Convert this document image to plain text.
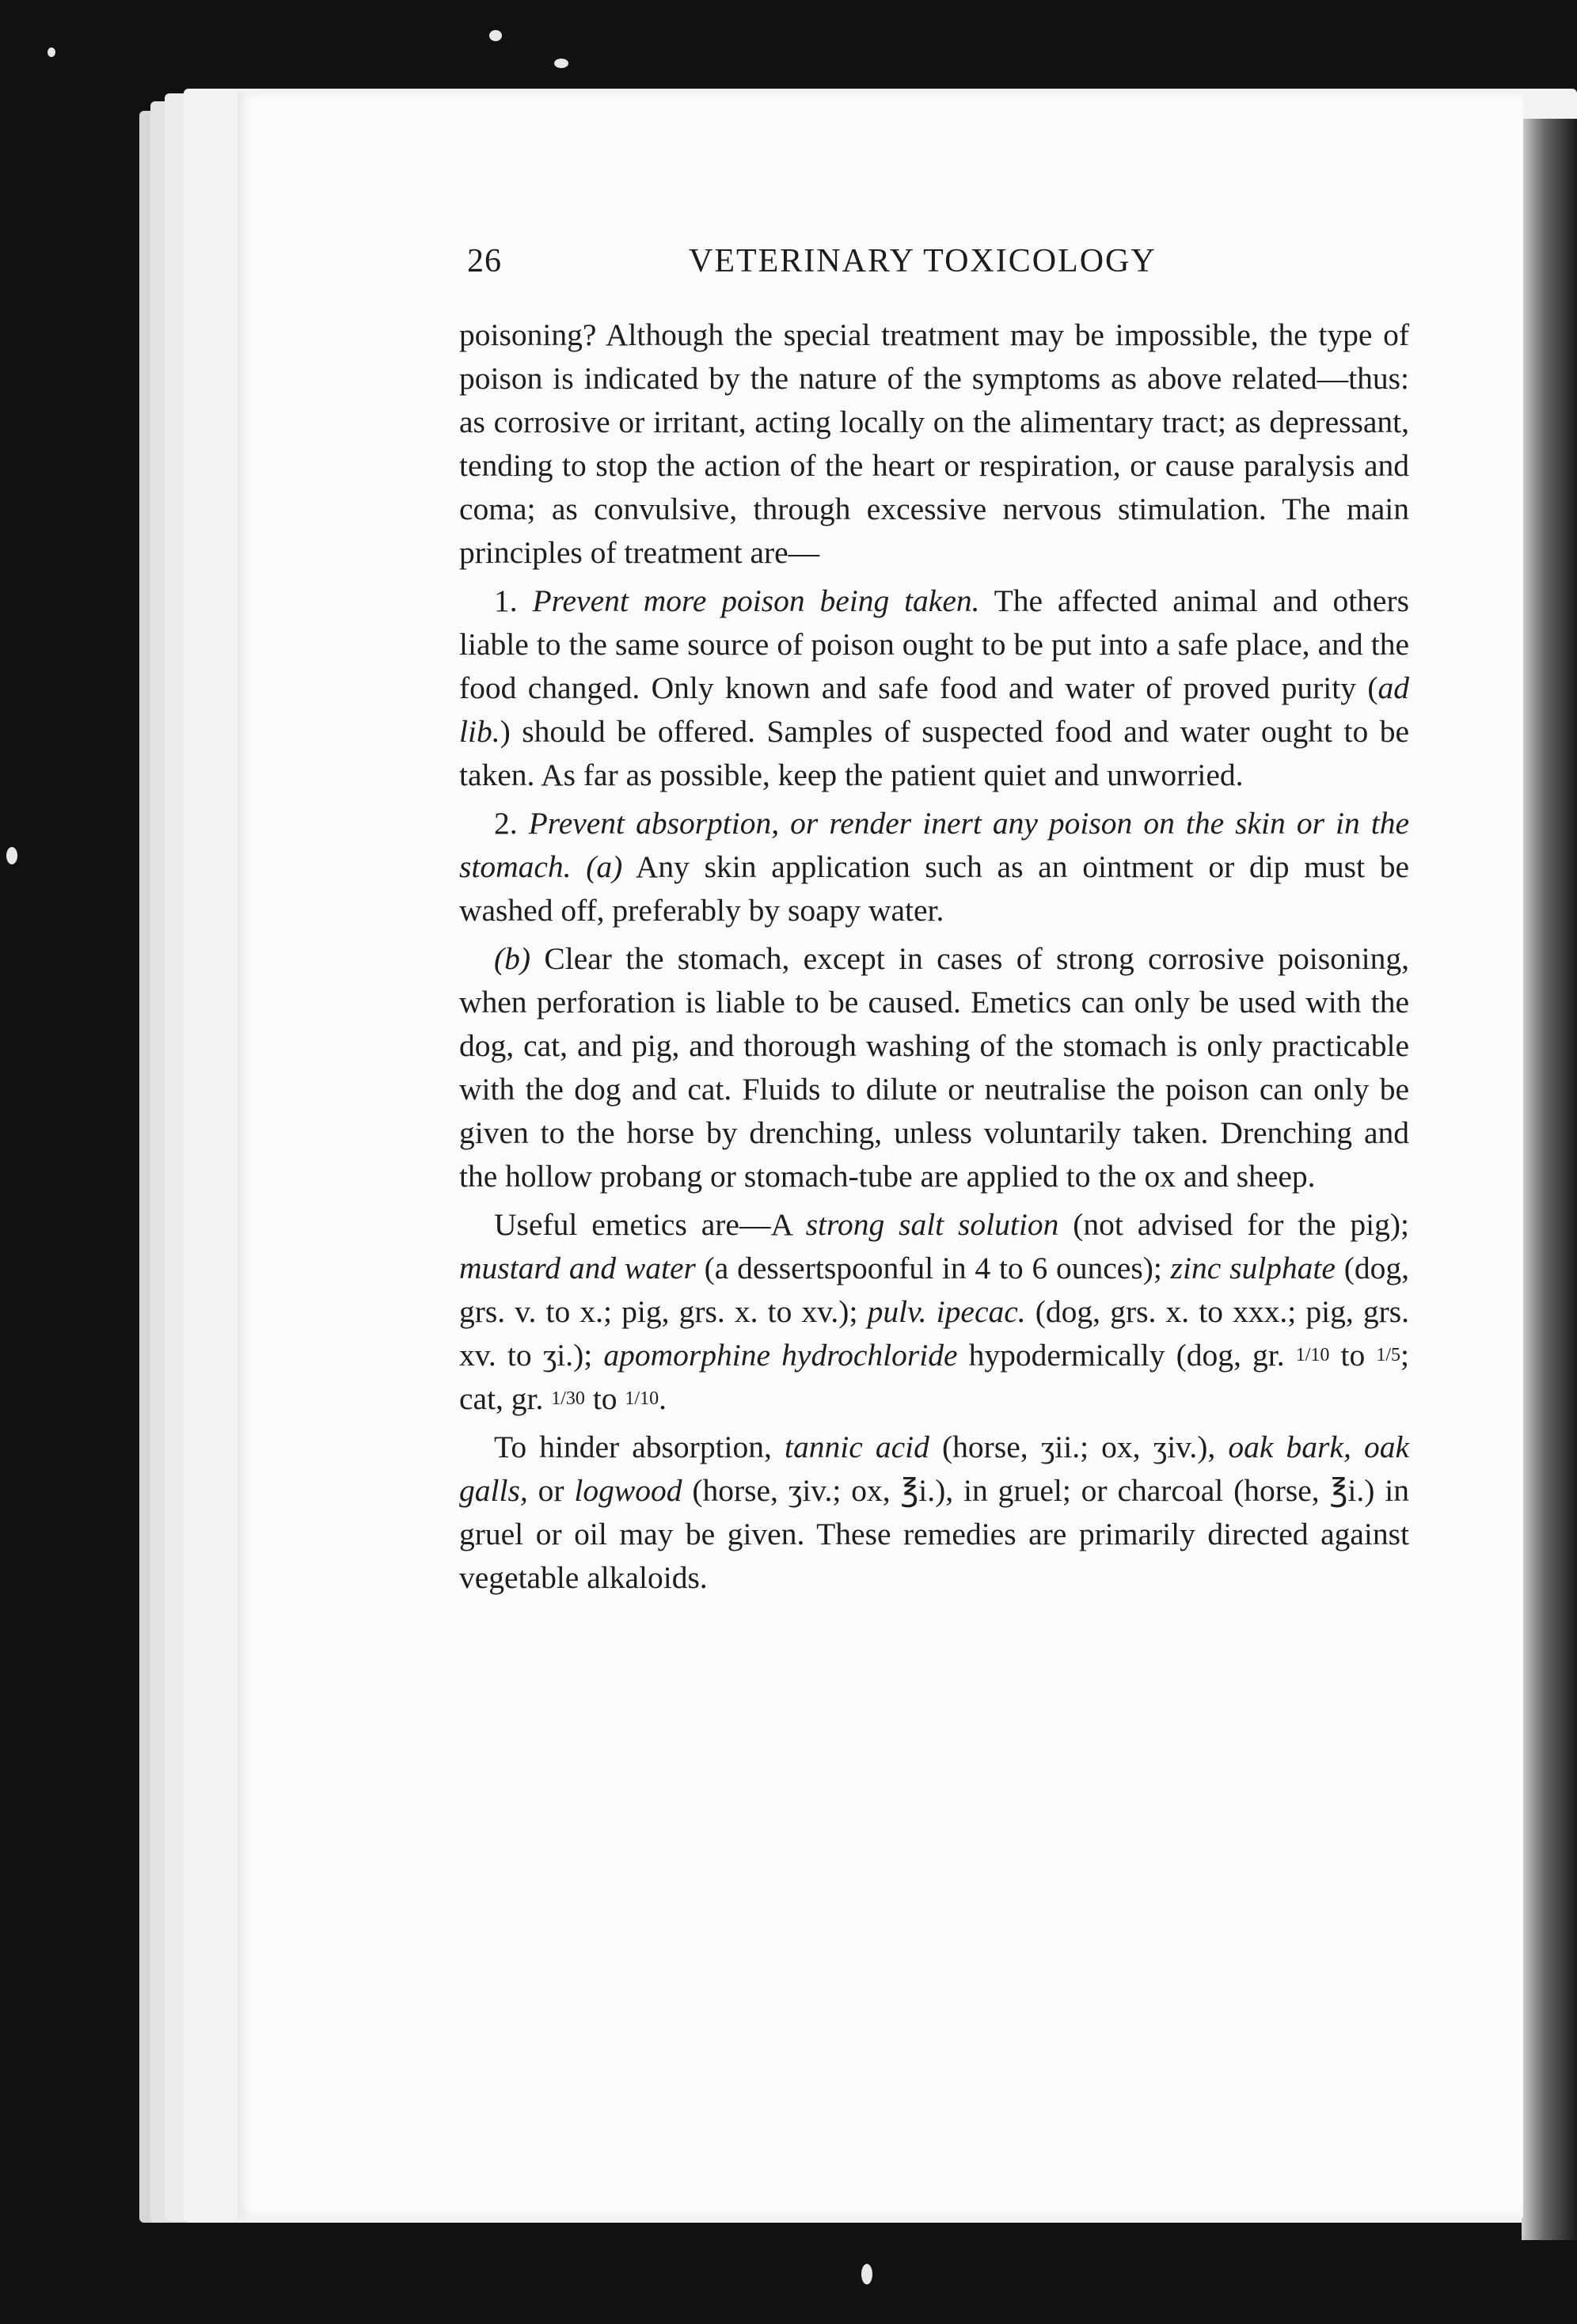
26	VETERINARY TOXICOLOGY

poisoning? Although the special treatment may be impossible, the type of poison is indicated by the nature of the symptoms as above related—thus: as corrosive or irritant, acting locally on the alimentary tract; as depressant, tending to stop the action of the heart or respiration, or cause paralysis and coma; as convulsive, through excessive nervous stimulation. The main principles of treatment are—

1. Prevent more poison being taken. The affected animal and others liable to the same source of poison ought to be put into a safe place, and the food changed. Only known and safe food and water of proved purity (ad lib.) should be offered. Samples of suspected food and water ought to be taken. As far as possible, keep the patient quiet and unworried.

2. Prevent absorption, or render inert any poison on the skin or in the stomach. (a) Any skin application such as an ointment or dip must be washed off, preferably by soapy water.

(b) Clear the stomach, except in cases of strong corrosive poisoning, when perforation is liable to be caused. Emetics can only be used with the dog, cat, and pig, and thorough washing of the stomach is only practicable with the dog and cat. Fluids to dilute or neutralise the poison can only be given to the horse by drenching, unless voluntarily taken. Drenching and the hollow probang or stomach-tube are applied to the ox and sheep.

Useful emetics are—A strong salt solution (not advised for the pig); mustard and water (a dessertspoonful in 4 to 6 ounces); zinc sulphate (dog, grs. v. to x.; pig, grs. x. to xv.); pulv. ipecac. (dog, grs. x. to xxx.; pig, grs. xv. to ʒi.); apomorphine hydrochloride hypodermically (dog, gr. 1/10 to 1/5; cat, gr. 1/30 to 1/10.

To hinder absorption, tannic acid (horse, ʒii.; ox, ʒiv.), oak bark, oak galls, or logwood (horse, ʒiv.; ox, ℥i.), in gruel; or charcoal (horse, ℥i.) in gruel or oil may be given. These remedies are primarily directed against vegetable alkaloids.
